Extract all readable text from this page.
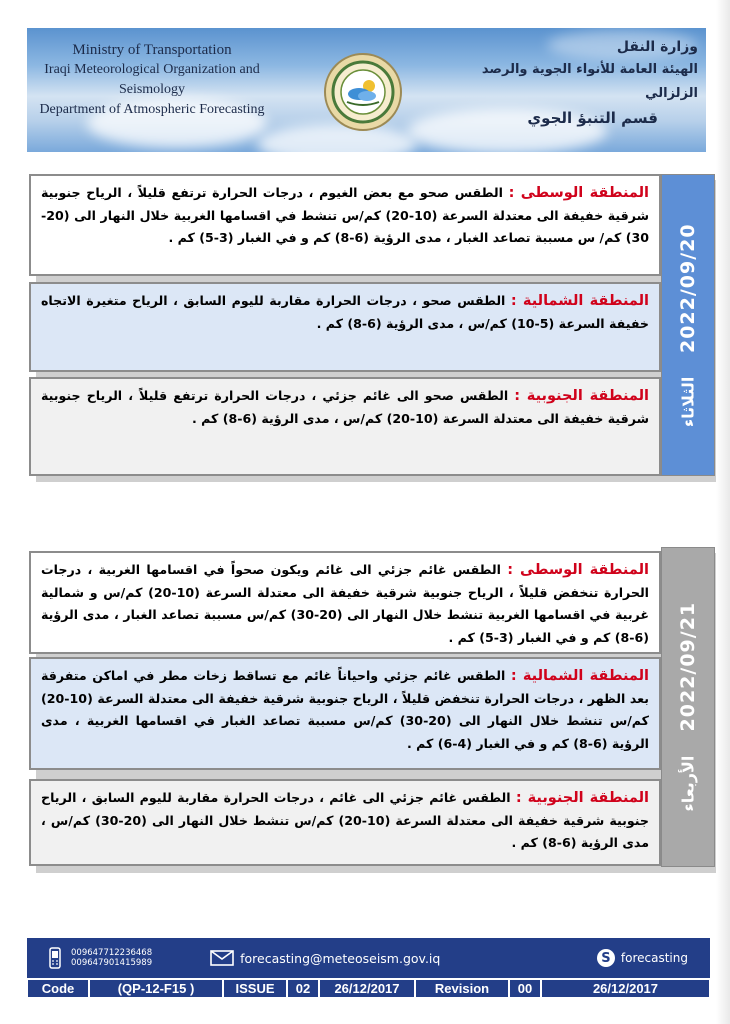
Ministry of Transportation
Iraqi Meteorological Organization and Seismology
Department of Atmospheric Forecasting
وزارة النقل
الهيئة العامة للأنواء الجوية والرصد الزلزالي
قسم التنبؤ الجوي
الثلاثاء
2022/09/20
المنطقة الوسطى : الطقس صحو مع بعض الغيوم ، درجات الحرارة ترتفع قليلاً ، الرياح جنوبية شرقية خفيفة الى معتدلة السرعة (10-20) كم/س تنشط في اقسامها الغربية خلال النهار الى (20-30) كم/ س مسببة تصاعد الغبار ، مدى الرؤية (6-8) كم و في الغبار (3-5) كم .
المنطقة الشمالية : الطقس صحو ، درجات الحرارة مقاربة لليوم السابق ، الرياح متغيرة الاتجاه خفيفة السرعة (5-10) كم/س ، مدى الرؤية (6-8) كم .
المنطقة الجنوبية : الطقس صحو الى غائم جزئي ، درجات الحرارة ترتفع قليلاً ، الرياح جنوبية شرقية خفيفة الى معتدلة السرعة (10-20) كم/س ، مدى الرؤية (6-8) كم .
الأربعاء
2022/09/21
المنطقة الوسطى : الطقس غائم جزئي الى غائم ويكون صحواً في اقسامها الغربية ، درجات الحرارة تنخفض قليلاً ، الرياح جنوبية شرقية خفيفة الى معتدلة السرعة (10-20) كم/س و شمالية غربية في اقسامها الغربية تنشط خلال النهار الى (20-30) كم/س مسببة تصاعد الغبار ، مدى الرؤية (6-8) كم و في الغبار (3-5) كم .
المنطقة الشمالية : الطقس غائم جزئي واحياناً غائم مع تساقط زخات مطر في اماكن متفرقة بعد الظهر ، درجات الحرارة تنخفض قليلاً ، الرياح جنوبية شرقية خفيفة الى معتدلة السرعة (10-20) كم/س تنشط خلال النهار الى (20-30) كم/س مسببة تصاعد الغبار في اقسامها الغربية ، مدى الرؤية (6-8) كم و في الغبار (4-6) كم .
المنطقة الجنوبية : الطقس غائم جزئي الى غائم ، درجات الحرارة مقاربة لليوم السابق ، الرياح جنوبية شرقية خفيفة الى معتدلة السرعة (10-20) كم/س تنشط خلال النهار الى (20-30) كم/س ، مدى الرؤية (6-8) كم .
009647712236468
009647901415989	forecasting@meteoseism.gov.iq	S forecasting
Code	(QP-12-F15 )	ISSUE	02	26/12/2017	Revision	00	26/12/2017
